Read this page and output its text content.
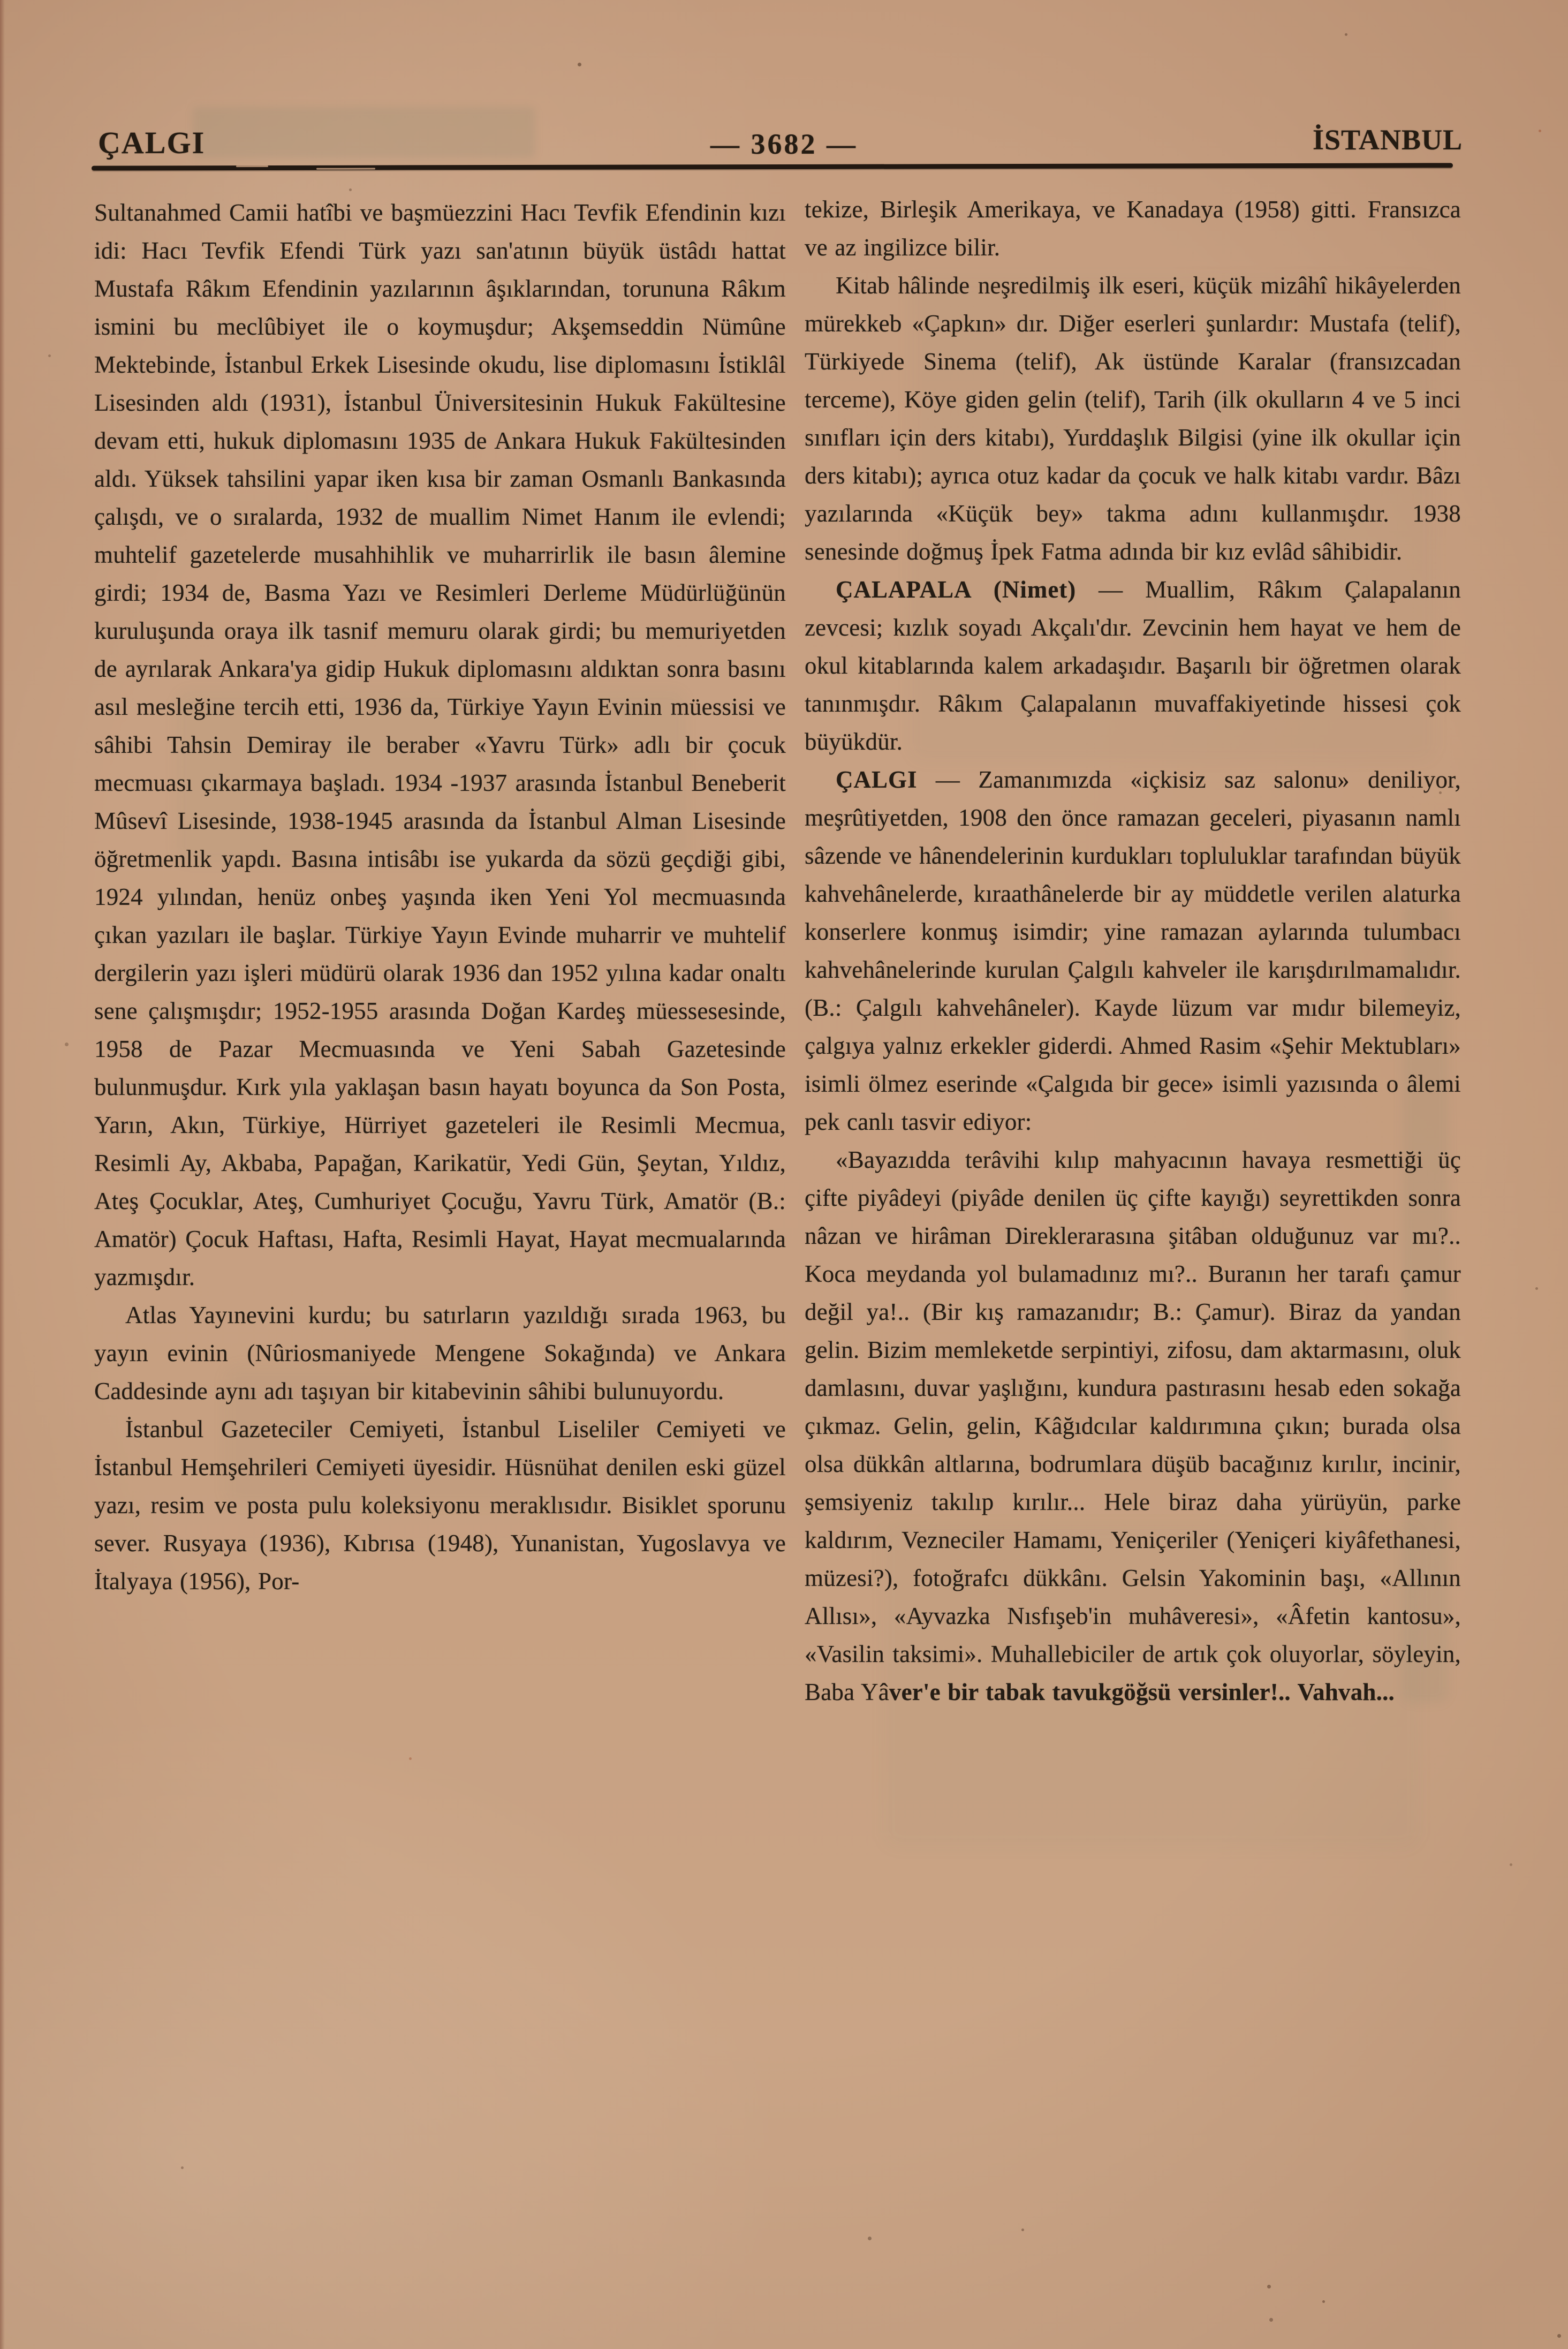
ÇALGI	— 3682 —	İSTANBUL

Sultanahmed Camii hatîbi ve başmüezzini Hacı Tevfik Efendinin kızı idi: Hacı Tevfik Efendi Türk yazı san'atının büyük üstâdı hattat Mustafa Râkım Efendinin yazılarının âşıklarından, torununa Râkım ismini bu meclûbiyet ile o koymuşdur; Akşemseddin Nümûne Mektebinde, İstanbul Erkek Lisesinde okudu, lise diplomasını İstiklâl Lisesinden aldı (1931), İstanbul Üniversitesinin Hukuk Fakültesine devam etti, hukuk diplomasını 1935 de Ankara Hukuk Fakültesinden aldı. Yüksek tahsilini yapar iken kısa bir zaman Osmanlı Bankasında çalışdı, ve o sıralarda, 1932 de muallim Nimet Hanım ile evlendi; muhtelif gazetelerde musahhihlik ve muharrirlik ile basın âlemine girdi; 1934 de, Basma Yazı ve Resimleri Derleme Müdürlüğünün kuruluşunda oraya ilk tasnif memuru olarak girdi; bu memuriyetden de ayrılarak Ankara'ya gidip Hukuk diplomasını aldıktan sonra basını asıl mesleğine tercih etti, 1936 da, Türkiye Yayın Evinin müessisi ve sâhibi Tahsin Demiray ile beraber «Yavru Türk» adlı bir çocuk mecmuası çıkarmaya başladı. 1934 -1937 arasında İstanbul Beneberit Mûsevî Lisesinde, 1938-1945 arasında da İstanbul Alman Lisesinde öğretmenlik yapdı. Basına intisâbı ise yukarda da sözü geçdiği gibi, 1924 yılından, henüz onbeş yaşında iken Yeni Yol mecmuasında çıkan yazıları ile başlar. Türkiye Yayın Evinde muharrir ve muhtelif dergilerin yazı işleri müdürü olarak 1936 dan 1952 yılına kadar onaltı sene çalışmışdır; 1952-1955 arasında Doğan Kardeş müessesesinde, 1958 de Pazar Mecmuasında ve Yeni Sabah Gazetesinde bulunmuşdur. Kırk yıla yaklaşan basın hayatı boyunca da Son Posta, Yarın, Akın, Türkiye, Hürriyet gazeteleri ile Resimli Mecmua, Resimli Ay, Akbaba, Papağan, Karikatür, Yedi Gün, Şeytan, Yıldız, Ateş Çocuklar, Ateş, Cumhuriyet Çocuğu, Yavru Türk, Amatör (B.: Amatör) Çocuk Haftası, Hafta, Resimli Hayat, Hayat mecmualarında yazmışdır.

Atlas Yayınevini kurdu; bu satırların yazıldığı sırada 1963, bu yayın evinin (Nûriosmaniyede Mengene Sokağında) ve Ankara Caddesinde aynı adı taşıyan bir kitabevinin sâhibi bulunuyordu.

İstanbul Gazeteciler Cemiyeti, İstanbul Liseliler Cemiyeti ve İstanbul Hemşehrileri Cemiyeti üyesidir. Hüsnühat denilen eski güzel yazı, resim ve posta pulu koleksiyonu meraklısıdır. Bisiklet sporunu sever. Rusyaya (1936), Kıbrısa (1948), Yunanistan, Yugoslavya ve İtalyaya (1956), Por-

tekize, Birleşik Amerikaya, ve Kanadaya (1958) gitti. Fransızca ve az ingilizce bilir.

Kitab hâlinde neşredilmiş ilk eseri, küçük mizâhî hikâyelerden mürekkeb «Çapkın» dır. Diğer eserleri şunlardır: Mustafa (telif), Türkiyede Sinema (telif), Ak üstünde Karalar (fransızcadan terceme), Köye giden gelin (telif), Tarih (ilk okulların 4 ve 5 inci sınıfları için ders kitabı), Yurddaşlık Bilgisi (yine ilk okullar için ders kitabı); ayrıca otuz kadar da çocuk ve halk kitabı vardır. Bâzı yazılarında «Küçük bey» takma adını kullanmışdır. 1938 senesinde doğmuş İpek Fatma adında bir kız evlâd sâhibidir.

ÇALAPALA (Nimet) — Muallim, Râkım Çalapalanın zevcesi; kızlık soyadı Akçalı'dır. Zevcinin hem hayat ve hem de okul kitablarında kalem arkadaşıdır. Başarılı bir öğretmen olarak tanınmışdır. Râkım Çalapalanın muvaffakiyetinde hissesi çok büyükdür.

ÇALGI — Zamanımızda «içkisiz saz salonu» deniliyor, meşrûtiyetden, 1908 den önce ramazan geceleri, piyasanın namlı sâzende ve hânendelerinin kurdukları topluluklar tarafından büyük kahvehânelerde, kıraathânelerde bir ay müddetle verilen alaturka konserlere konmuş isimdir; yine ramazan aylarında tulumbacı kahvehânelerinde kurulan Çalgılı kahveler ile karışdırılmamalıdır. (B.: Çalgılı kahvehâneler). Kayde lüzum var mıdır bilemeyiz, çalgıya yalnız erkekler giderdi. Ahmed Rasim «Şehir Mektubları» isimli ölmez eserinde «Çalgıda bir gece» isimli yazısında o âlemi pek canlı tasvir ediyor:

«Bayazıdda terâvihi kılıp mahyacının havaya resmettiği üç çifte piyâdeyi (piyâde denilen üç çifte kayığı) seyrettikden sonra nâzan ve hirâman Direklerarasına şitâban olduğunuz var mı?.. Koca meydanda yol bulamadınız mı?.. Buranın her tarafı çamur değil ya!.. (Bir kış ramazanıdır; B.: Çamur). Biraz da yandan gelin. Bizim memleketde serpintiyi, zifosu, dam aktarmasını, oluk damlasını, duvar yaşlığını, kundura pastırasını hesab eden sokağa çıkmaz. Gelin, gelin, Kâğıdcılar kaldırımına çıkın; burada olsa olsa dükkân altlarına, bodrumlara düşüb bacağınız kırılır, incinir, şemsiyeniz takılıp kırılır... Hele biraz daha yürüyün, parke kaldırım, Vezneciler Hamamı, Yeniçeriler (Yeniçeri kiyâfethanesi, müzesi?), fotoğrafcı dükkânı. Gelsin Yakominin başı, «Allının Allısı», «Ayvazka Nısfışeb'in muhâveresi», «Âfetin kantosu», «Vasilin taksimi». Muhallebiciler de artık çok oluyorlar, söyleyin, Baba Yâver'e bir tabak tavukgöğsü versinler!.. Vahvah...
